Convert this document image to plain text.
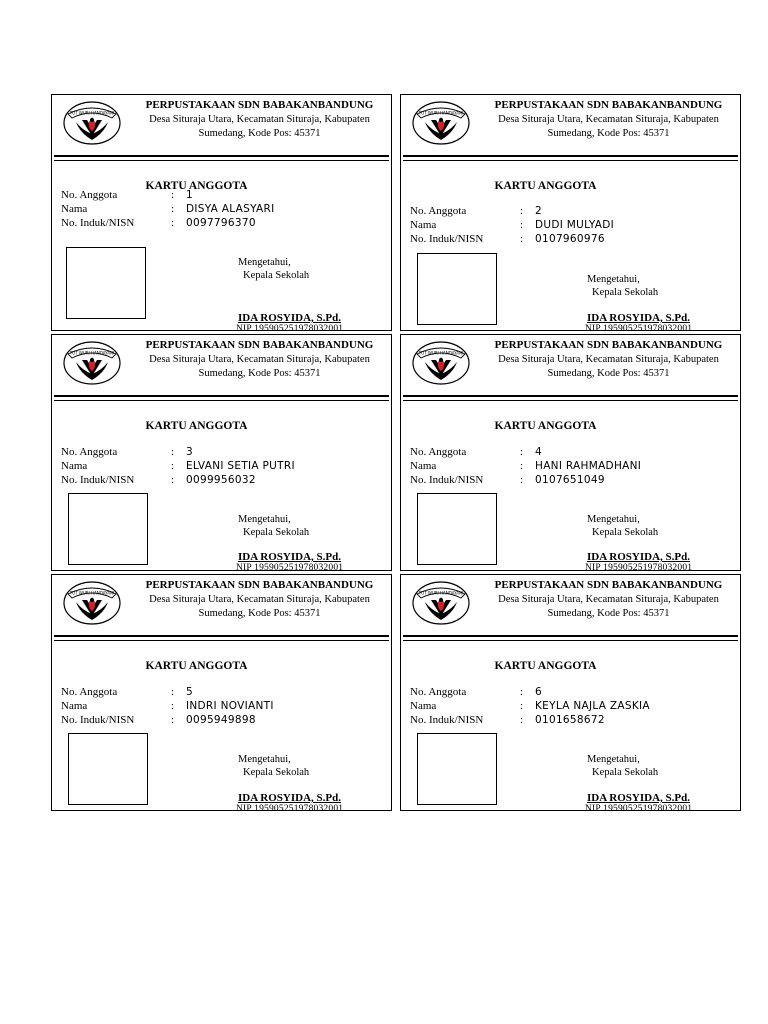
TUT WURI HANDAYANI
PERPUSTAKAAN SDN BABAKANBANDUNG
Desa Situraja Utara, Kecamatan Situraja, Kabupaten
Sumedang, Kode Pos: 45371
KARTU ANGGOTA
No. Anggota	:	1
Nama	:	DISYA ALASYARI
No. Induk/NISN	:	0097796370
Mengetahui,
Kepala Sekolah
IDA ROSYIDA, S.Pd.
NIP 195905251978032001
TUT WURI HANDAYANI
PERPUSTAKAAN SDN BABAKANBANDUNG
Desa Situraja Utara, Kecamatan Situraja, Kabupaten
Sumedang, Kode Pos: 45371
KARTU ANGGOTA
No. Anggota	:	2
Nama	:	DUDI MULYADI
No. Induk/NISN	:	0107960976
Mengetahui,
Kepala Sekolah
IDA ROSYIDA, S.Pd.
NIP 195905251978032001
TUT WURI HANDAYANI
PERPUSTAKAAN SDN BABAKANBANDUNG
Desa Situraja Utara, Kecamatan Situraja, Kabupaten
Sumedang, Kode Pos: 45371
KARTU ANGGOTA
No. Anggota	:	3
Nama	:	ELVANI SETIA PUTRI
No. Induk/NISN	:	0099956032
Mengetahui,
Kepala Sekolah
IDA ROSYIDA, S.Pd.
NIP 195905251978032001
TUT WURI HANDAYANI
PERPUSTAKAAN SDN BABAKANBANDUNG
Desa Situraja Utara, Kecamatan Situraja, Kabupaten
Sumedang, Kode Pos: 45371
KARTU ANGGOTA
No. Anggota	:	4
Nama	:	HANI RAHMADHANI
No. Induk/NISN	:	0107651049
Mengetahui,
Kepala Sekolah
IDA ROSYIDA, S.Pd.
NIP 195905251978032001
TUT WURI HANDAYANI
PERPUSTAKAAN SDN BABAKANBANDUNG
Desa Situraja Utara, Kecamatan Situraja, Kabupaten
Sumedang, Kode Pos: 45371
KARTU ANGGOTA
No. Anggota	:	5
Nama	:	INDRI NOVIANTI
No. Induk/NISN	:	0095949898
Mengetahui,
Kepala Sekolah
IDA ROSYIDA, S.Pd.
NIP 195905251978032001
TUT WURI HANDAYANI
PERPUSTAKAAN SDN BABAKANBANDUNG
Desa Situraja Utara, Kecamatan Situraja, Kabupaten
Sumedang, Kode Pos: 45371
KARTU ANGGOTA
No. Anggota	:	6
Nama	:	KEYLA NAJLA ZASKIA
No. Induk/NISN	:	0101658672
Mengetahui,
Kepala Sekolah
IDA ROSYIDA, S.Pd.
NIP 195905251978032001
